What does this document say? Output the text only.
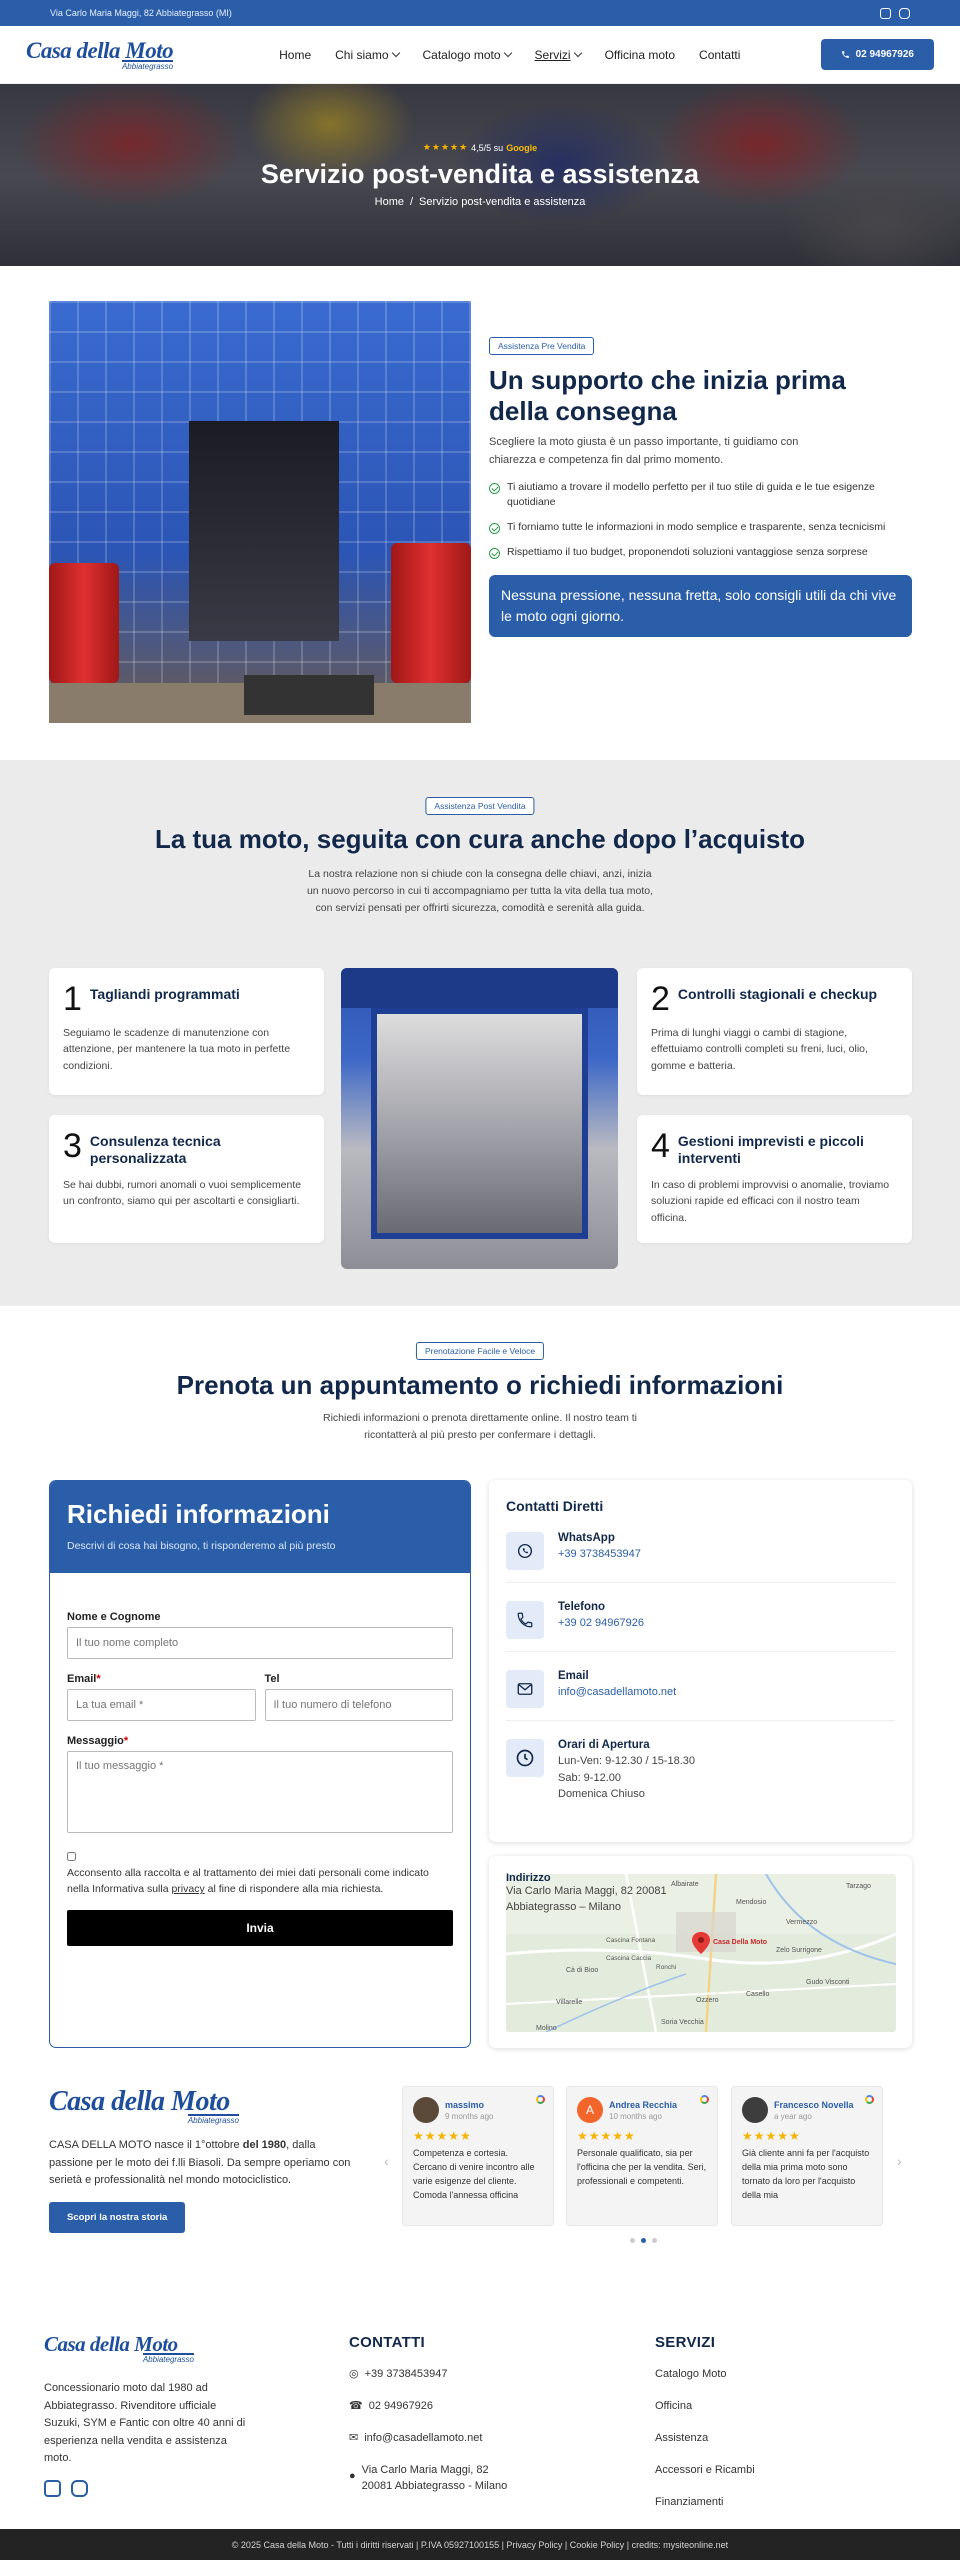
Via Carlo Maria Maggi, 82 Abbiategrasso (MI)
Casa della Moto
Abbiategrasso
Home Chi siamo	Catalogo moto	Servizi	Officina moto Contatti	02 94967926
★★★★★ 4,5/5 su Google
Servizio post-vendita e assistenza
Home / Servizio post-vendita e assistenza
Assistenza Pre Vendita
Un supporto che inizia prima della consegna

Scegliere la moto giusta è un passo importante, ti guidiamo con chiarezza e competenza fin dal primo momento.

Ti aiutiamo a trovare il modello perfetto per il tuo stile di guida e le tue esigenze quotidiane
Ti forniamo tutte le informazioni in modo semplice e trasparente, senza tecnicismi
Rispettiamo il tuo budget, proponendoti soluzioni vantaggiose senza sorprese
Nessuna pressione, nessuna fretta, solo consigli utili da chi vive le moto ogni giorno.
Assistenza Post Vendita
La tua moto, seguita con cura anche dopo l’acquisto

La nostra relazione non si chiude con la consegna delle chiavi, anzi, inizia un nuovo percorso in cui ti accompagniamo per tutta la vita della tua moto, con servizi pensati per offrirti sicurezza, comodità e serenità alla guida.

1 Tagliandi programmati

Seguiamo le scadenze di manutenzione con attenzione, per mantenere la tua moto in perfette condizioni.

2 Controlli stagionali e checkup

Prima di lunghi viaggi o cambi di stagione, effettuiamo controlli completi su freni, luci, olio, gomme e batteria.

3 Consulenza tecnica personalizzata

Se hai dubbi, rumori anomali o vuoi semplicemente un confronto, siamo qui per ascoltarti e consigliarti.

4 Gestioni imprevisti e piccoli interventi

In caso di problemi improvvisi o anomalie, troviamo soluzioni rapide ed efficaci con il nostro team officina.

Prenotazione Facile e Veloce
Prenota un appuntamento o richiedi informazioni

Richiedi informazioni o prenota direttamente online. Il nostro team ti ricontatterà al più presto per confermare i dettagli.

Richiedi informazioni

Descrivi di cosa hai bisogno, ti risponderemo al più presto

Nome e Cognome
Il tuo nome completo
Email*
La tua email *	Tel
Il tuo numero di telefono
Messaggio*
Il tuo messaggio *
Acconsento alla raccolta e al trattamento dei miei dati personali come indicato nella Informativa sulla privacy al fine di rispondere alla mia richiesta.
Invia
Contatti Diretti
WhatsApp
+39 3738453947
Telefono
+39 02 94967926
Email
info@casadellamoto.net
Orari di Apertura
Lun-Ven: 9-12.30 / 15-18.30
Sab: 9-12.00
Domenica Chiuso
Indirizzo
Via Carlo Maria Maggi, 82 20081
Abbiategrasso – Milano
Albairate	Tarzago
Mendosio
Vermezzo
Zelo Surrigone
Gudo Visconti
Cascina Fontana
Cascina Caccia
Ronchi
Cà di Bioo
Ozzero
Casello
Villarelle
Soria Vecchia
Molino
Casa Della Moto
Casa della Moto
Abbiategrasso

CASA DELLA MOTO nasce il 1°ottobre del 1980, dalla passione per le moto dei f.lli Biasoli. Da sempre operiamo con serietà e professionalità nel mondo motociclistico.

Scopri la nostra storia
‹	›
massimo
9 months ago
★★★★★
Competenza e cortesia. Cercano di venire incontro alle varie esigenze del cliente. Comoda l'annessa officina
A	Andrea Recchia
10 months ago
★★★★★
Personale qualificato, sia per l'officina che per la vendita. Seri, professionali e competenti.
Francesco Novella
a year ago
★★★★★
Già cliente anni fa per l'acquisto della mia prima moto sono tornato da loro per l'acquisto della mia
Casa della Moto
Abbiategrasso

Concessionario moto dal 1980 ad Abbiategrasso. Rivenditore ufficiale Suzuki, SYM e Fantic con oltre 40 anni di esperienza nella vendita e assistenza moto.

CONTATTI
◎ +39 3738453947
☎ 02 94967926
✉ info@casadellamoto.net
● Via Carlo Maria Maggi, 82
20081 Abbiategrasso - Milano
SERVIZI
Catalogo Moto
Officina
Assistenza
Accessori e Ricambi
Finanziamenti
© 2025 Casa della Moto - Tutti i diritti riservati | P.IVA 05927100155 | Privacy Policy | Cookie Policy | credits: mysiteonline.net
